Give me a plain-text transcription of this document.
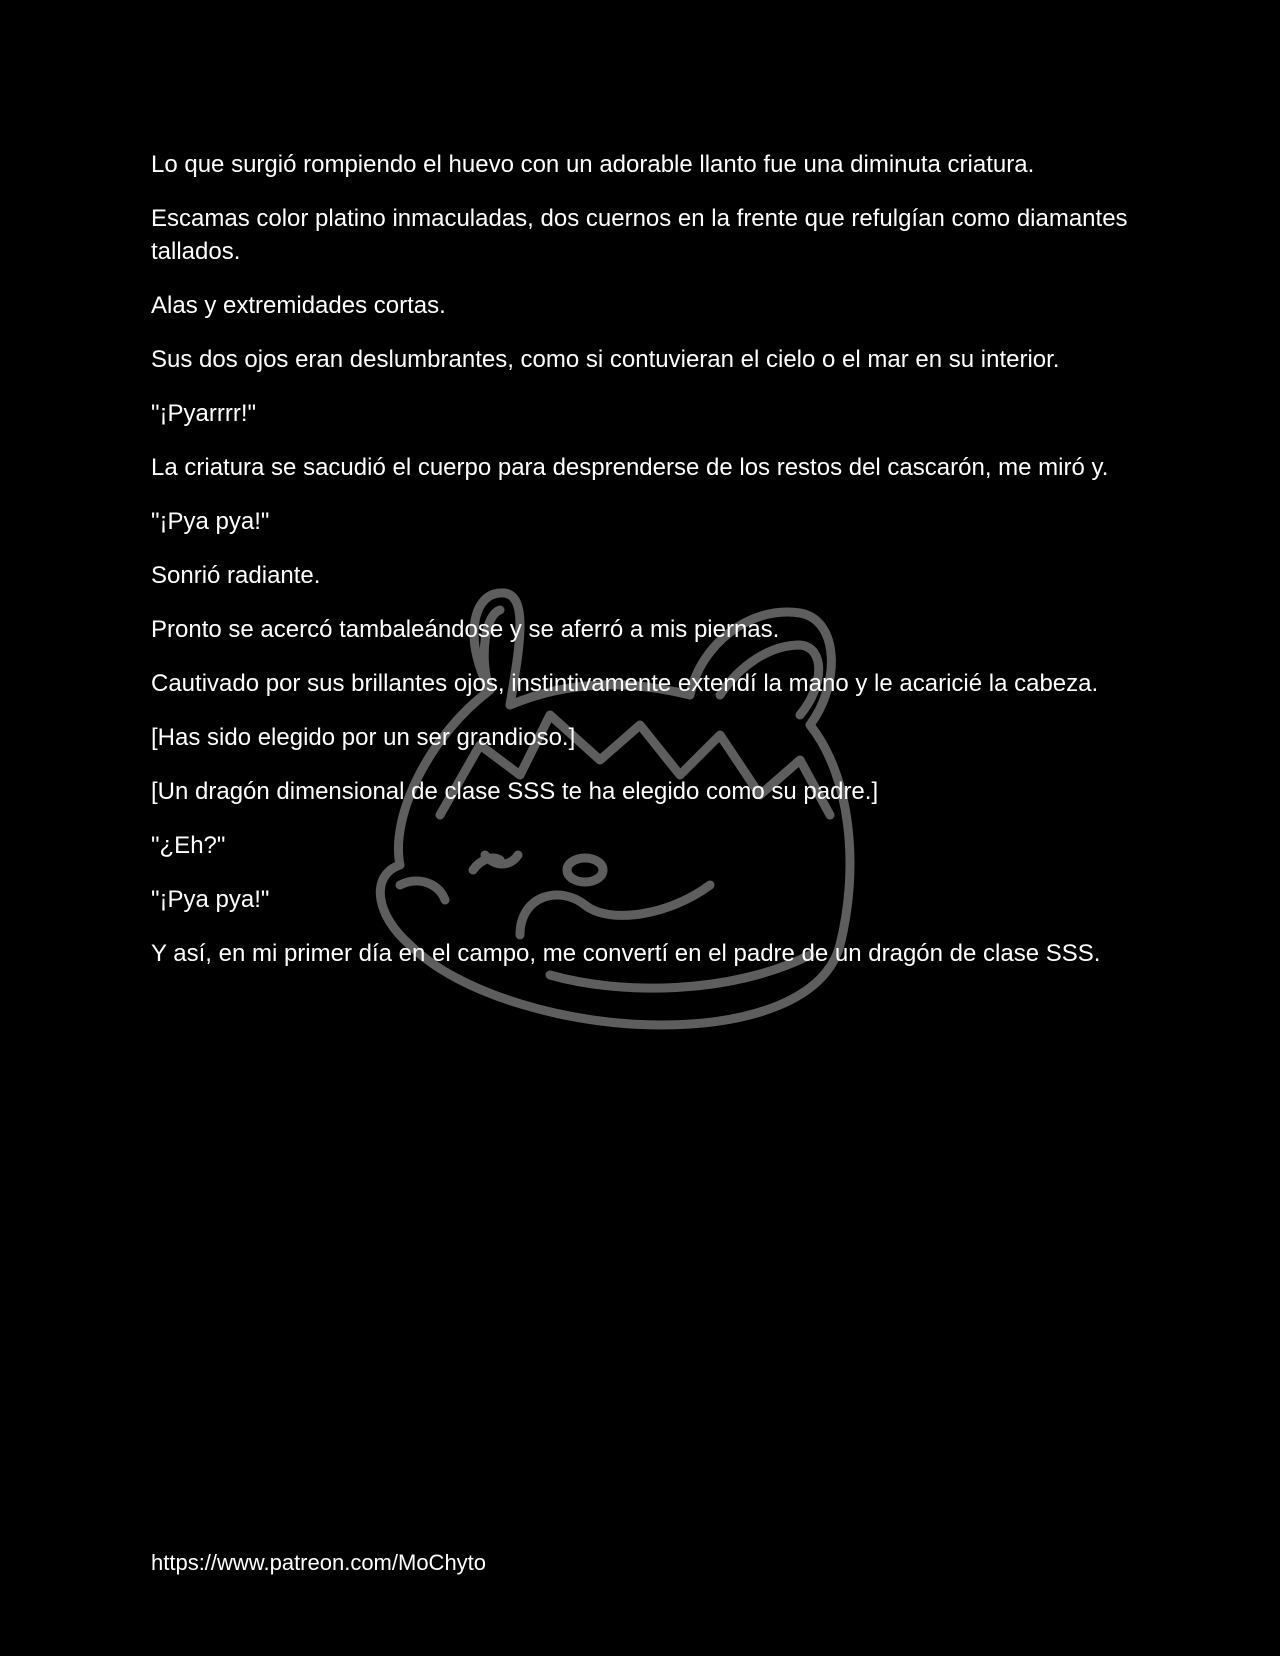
Lo que surgió rompiendo el huevo con un adorable llanto fue una diminuta criatura.

Escamas color platino inmaculadas, dos cuernos en la frente que refulgían como diamantes tallados.

Alas y extremidades cortas.

Sus dos ojos eran deslumbrantes, como si contuvieran el cielo o el mar en su interior.

"¡Pyarrrr!"

La criatura se sacudió el cuerpo para desprenderse de los restos del cascarón, me miró y.

"¡Pya pya!"

Sonrió radiante.

Pronto se acercó tambaleándose y se aferró a mis piernas.

Cautivado por sus brillantes ojos, instintivamente extendí la mano y le acaricié la cabeza.

[Has sido elegido por un ser grandioso.]

[Un dragón dimensional de clase SSS te ha elegido como su padre.]

"¿Eh?"

"¡Pya pya!"

Y así, en mi primer día en el campo, me convertí en el padre de un dragón de clase SSS.

https://www.patreon.com/MoChyto
